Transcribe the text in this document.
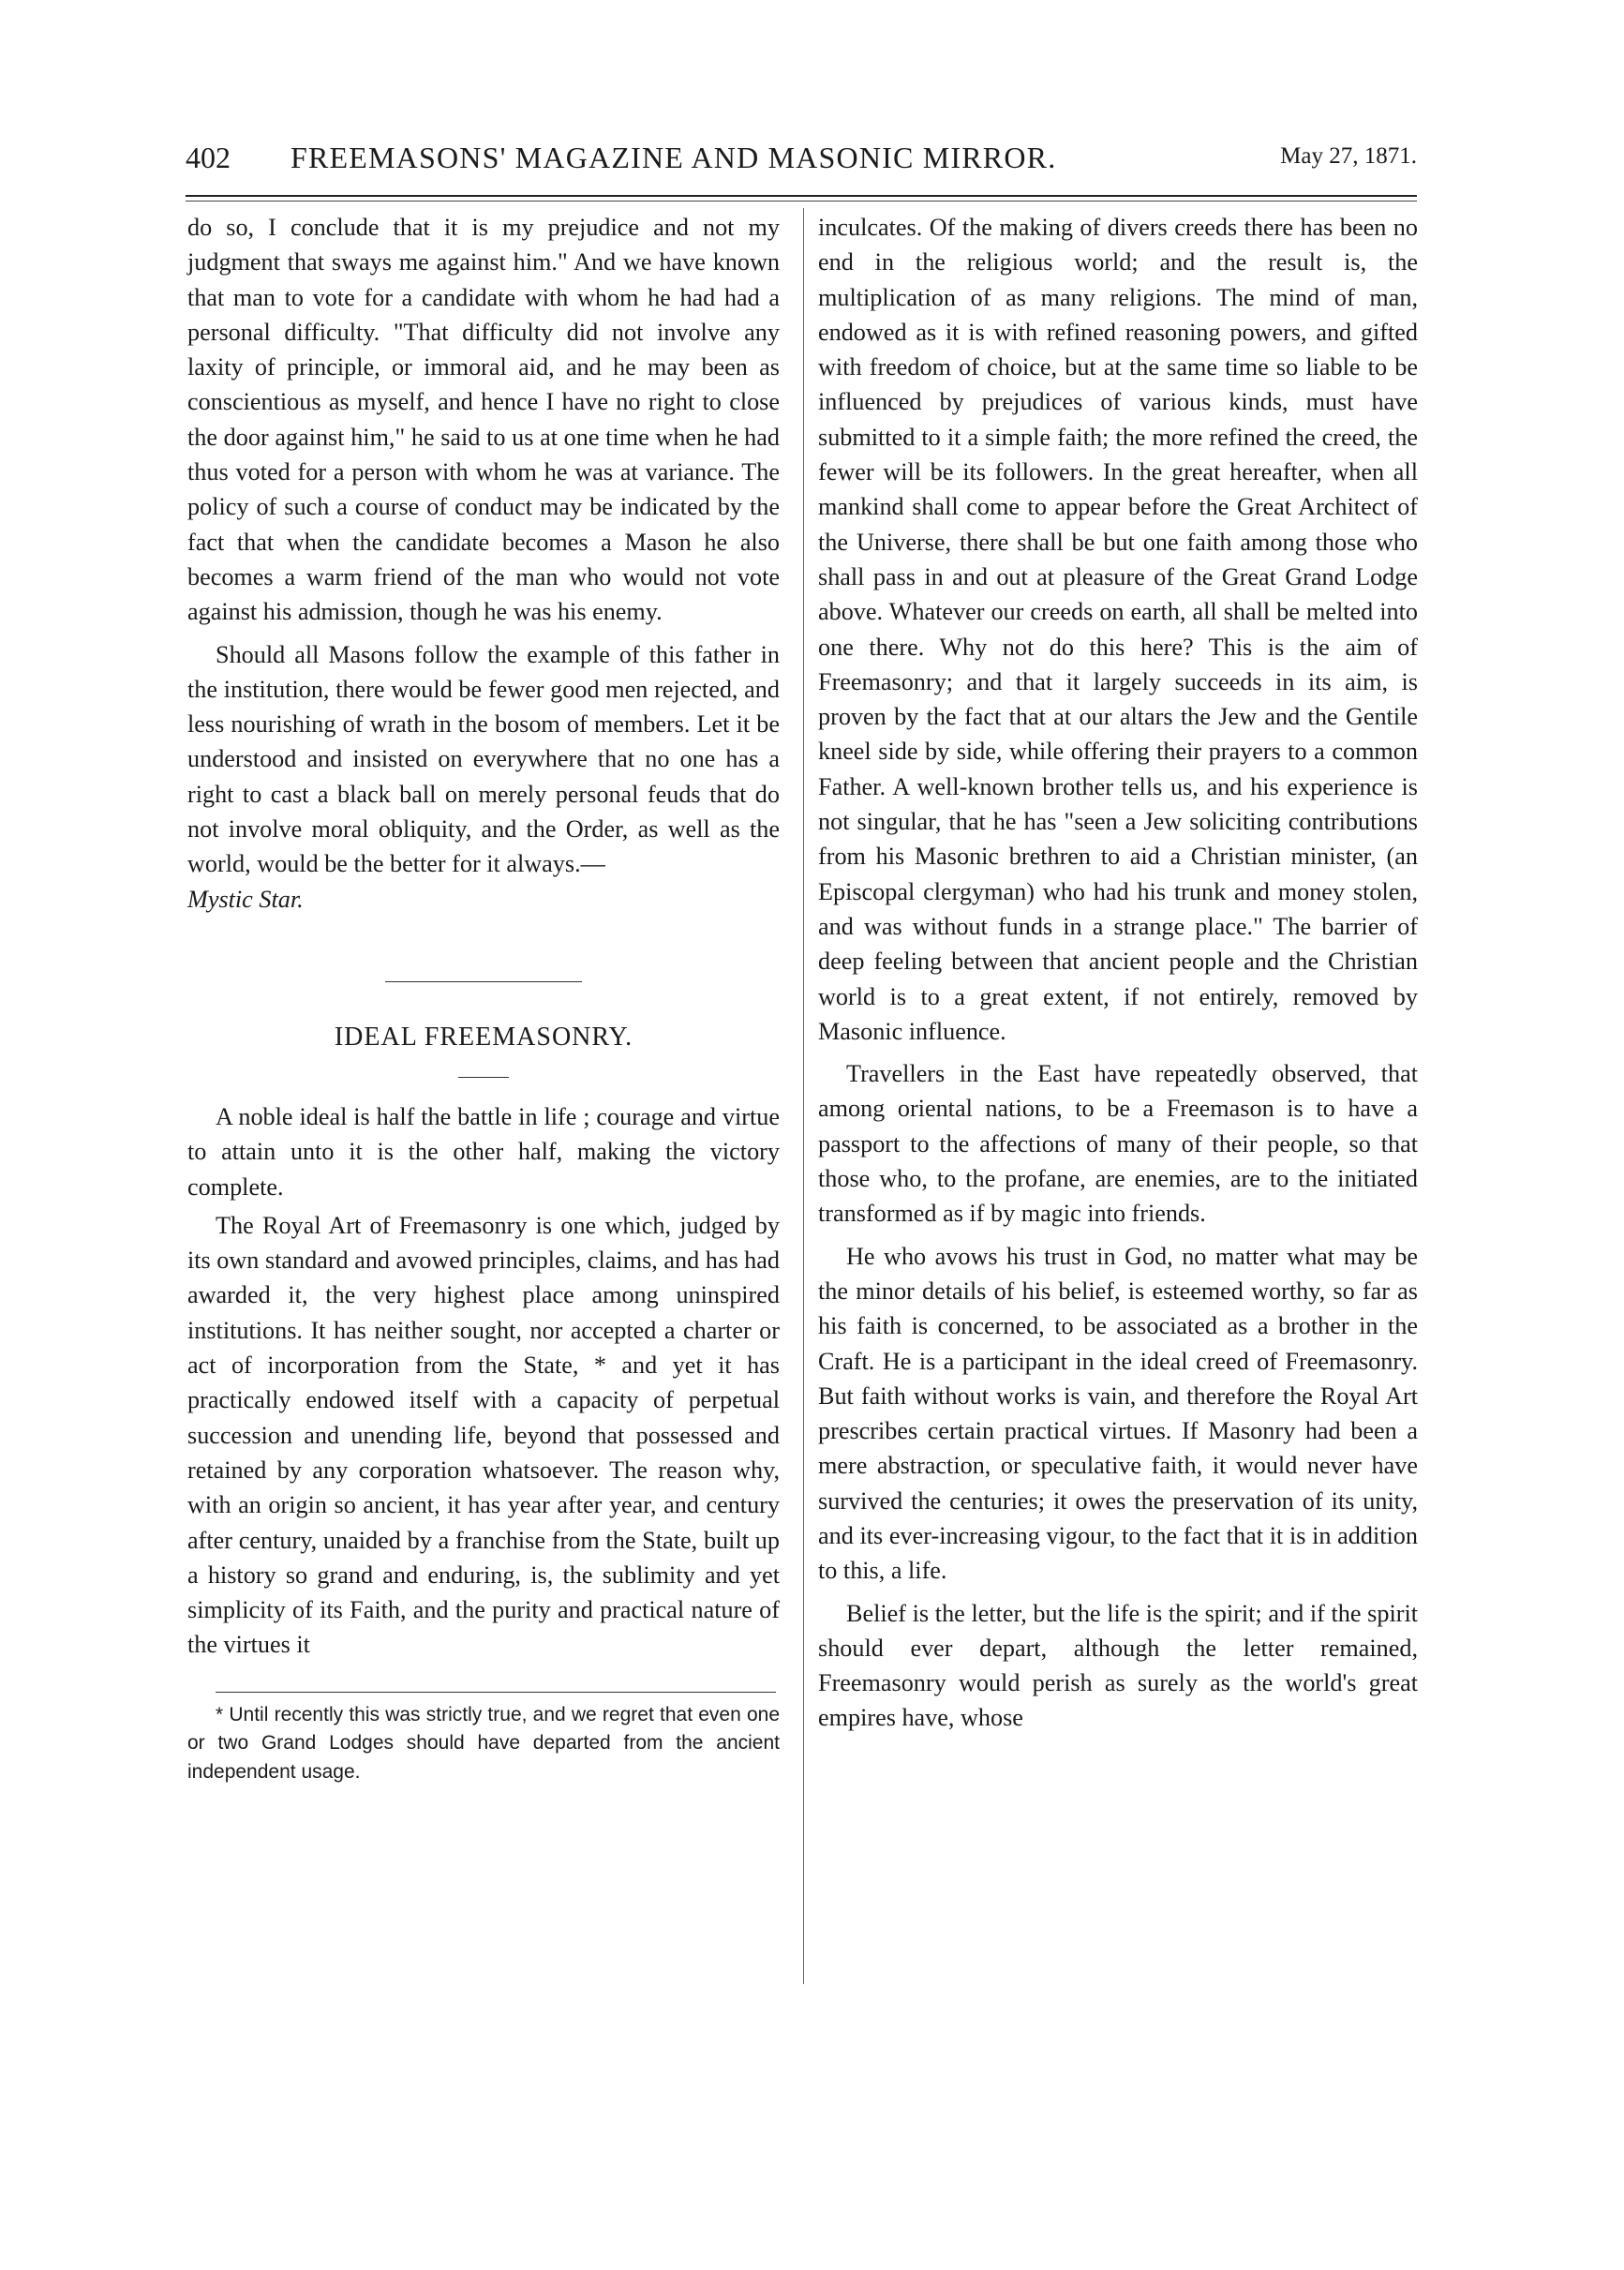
402 FREEMASONS' MAGAZINE AND MASONIC MIRROR.	May 27, 1871.

do so, I conclude that it is my prejudice and not my judgment that sways me against him." And we have known that man to vote for a candidate with whom he had had a personal difficulty. "That difficulty did not involve any laxity of principle, or immoral aid, and he may been as conscientious as myself, and hence I have no right to close the door against him," he said to us at one time when he had thus voted for a person with whom he was at variance. The policy of such a course of conduct may be indicated by the fact that when the candidate becomes a Mason he also becomes a warm friend of the man who would not vote against his admission, though he was his enemy.

Should all Masons follow the example of this father in the institution, there would be fewer good men rejected, and less nourishing of wrath in the bosom of members. Let it be understood and insisted on everywhere that no one has a right to cast a black ball on merely personal feuds that do not involve moral obliquity, and the Order, as well as the world, would be the better for it always.—

Mystic Star.

IDEAL FREEMASONRY.

A noble ideal is half the battle in life ; courage and virtue to attain unto it is the other half, making the victory complete.

The Royal Art of Freemasonry is one which, judged by its own standard and avowed principles, claims, and has had awarded it, the very highest place among uninspired institutions. It has neither sought, nor accepted a charter or act of incorporation from the State, * and yet it has practically endowed itself with a capacity of perpetual succession and unending life, beyond that possessed and retained by any corporation whatsoever. The reason why, with an origin so ancient, it has year after year, and century after century, unaided by a franchise from the State, built up a history so grand and enduring, is, the sublimity and yet simplicity of its Faith, and the purity and practical nature of the virtues it

* Until recently this was strictly true, and we regret that even one or two Grand Lodges should have departed from the ancient independent usage.

inculcates. Of the making of divers creeds there has been no end in the religious world; and the result is, the multiplication of as many religions. The mind of man, endowed as it is with refined reasoning powers, and gifted with freedom of choice, but at the same time so liable to be influenced by prejudices of various kinds, must have submitted to it a simple faith; the more refined the creed, the fewer will be its followers. In the great hereafter, when all mankind shall come to appear before the Great Architect of the Universe, there shall be but one faith among those who shall pass in and out at pleasure of the Great Grand Lodge above. Whatever our creeds on earth, all shall be melted into one there. Why not do this here? This is the aim of Freemasonry; and that it largely succeeds in its aim, is proven by the fact that at our altars the Jew and the Gentile kneel side by side, while offering their prayers to a common Father. A well-known brother tells us, and his experience is not singular, that he has "seen a Jew soliciting contributions from his Masonic brethren to aid a Christian minister, (an Episcopal clergyman) who had his trunk and money stolen, and was without funds in a strange place." The barrier of deep feeling between that ancient people and the Christian world is to a great extent, if not entirely, removed by Masonic influence.

Travellers in the East have repeatedly observed, that among oriental nations, to be a Freemason is to have a passport to the affections of many of their people, so that those who, to the profane, are enemies, are to the initiated transformed as if by magic into friends.

He who avows his trust in God, no matter what may be the minor details of his belief, is esteemed worthy, so far as his faith is concerned, to be associated as a brother in the Craft. He is a participant in the ideal creed of Freemasonry. But faith without works is vain, and therefore the Royal Art prescribes certain practical virtues. If Masonry had been a mere abstraction, or speculative faith, it would never have survived the centuries; it owes the preservation of its unity, and its ever-increasing vigour, to the fact that it is in addition to this, a life.

Belief is the letter, but the life is the spirit; and if the spirit should ever depart, although the letter remained, Freemasonry would perish as surely as the world's great empires have, whose
